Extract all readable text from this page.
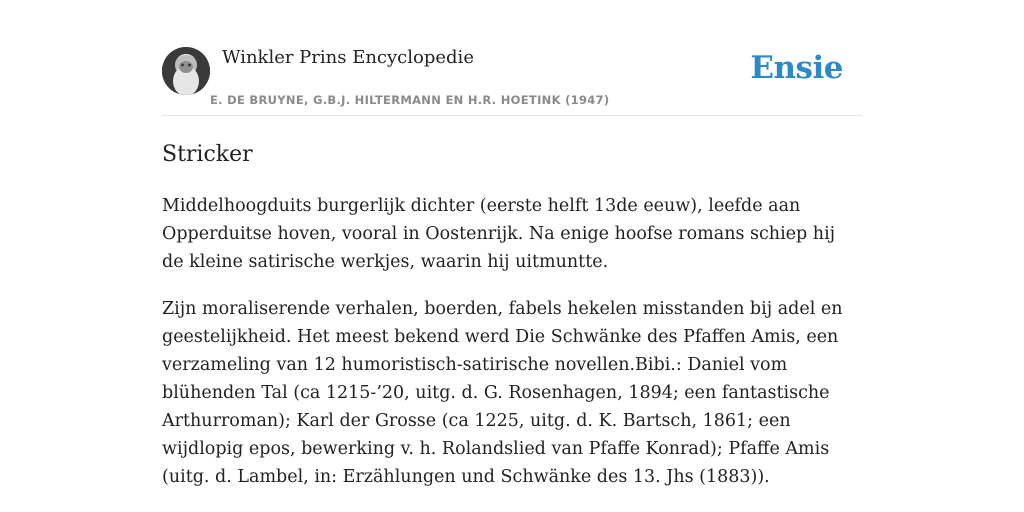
Winkler Prins Encyclopedie
E. DE BRUYNE, G.B.J. HILTERMANN EN H.R. HOETINK (1947)
Ensie
Stricker

Middelhoogduits burgerlijk dichter (eerste helft 13de eeuw), leefde aan Opperduitse hoven, vooral in Oostenrijk. Na enige hoofse romans schiep hij de kleine satirische werkjes, waarin hij uitmuntte.

Zijn moraliserende verhalen, boerden, fabels hekelen misstanden bij adel en geestelijkheid. Het meest bekend werd Die Schwänke des Pfaffen Amis, een verzameling van 12 humoristisch-satirische novellen.Bibi.: Daniel vom blühenden Tal (ca 1215-’20, uitg. d. G. Rosenhagen, 1894; een fantastische Arthurroman); Karl der Grosse (ca 1225, uitg. d. K. Bartsch, 1861; een wijdlopig epos, bewerking v. h. Rolandslied van Pfaffe Konrad); Pfaffe Amis (uitg. d. Lambel, in: Erzählungen und Schwänke des 13. Jhs (1883)).
